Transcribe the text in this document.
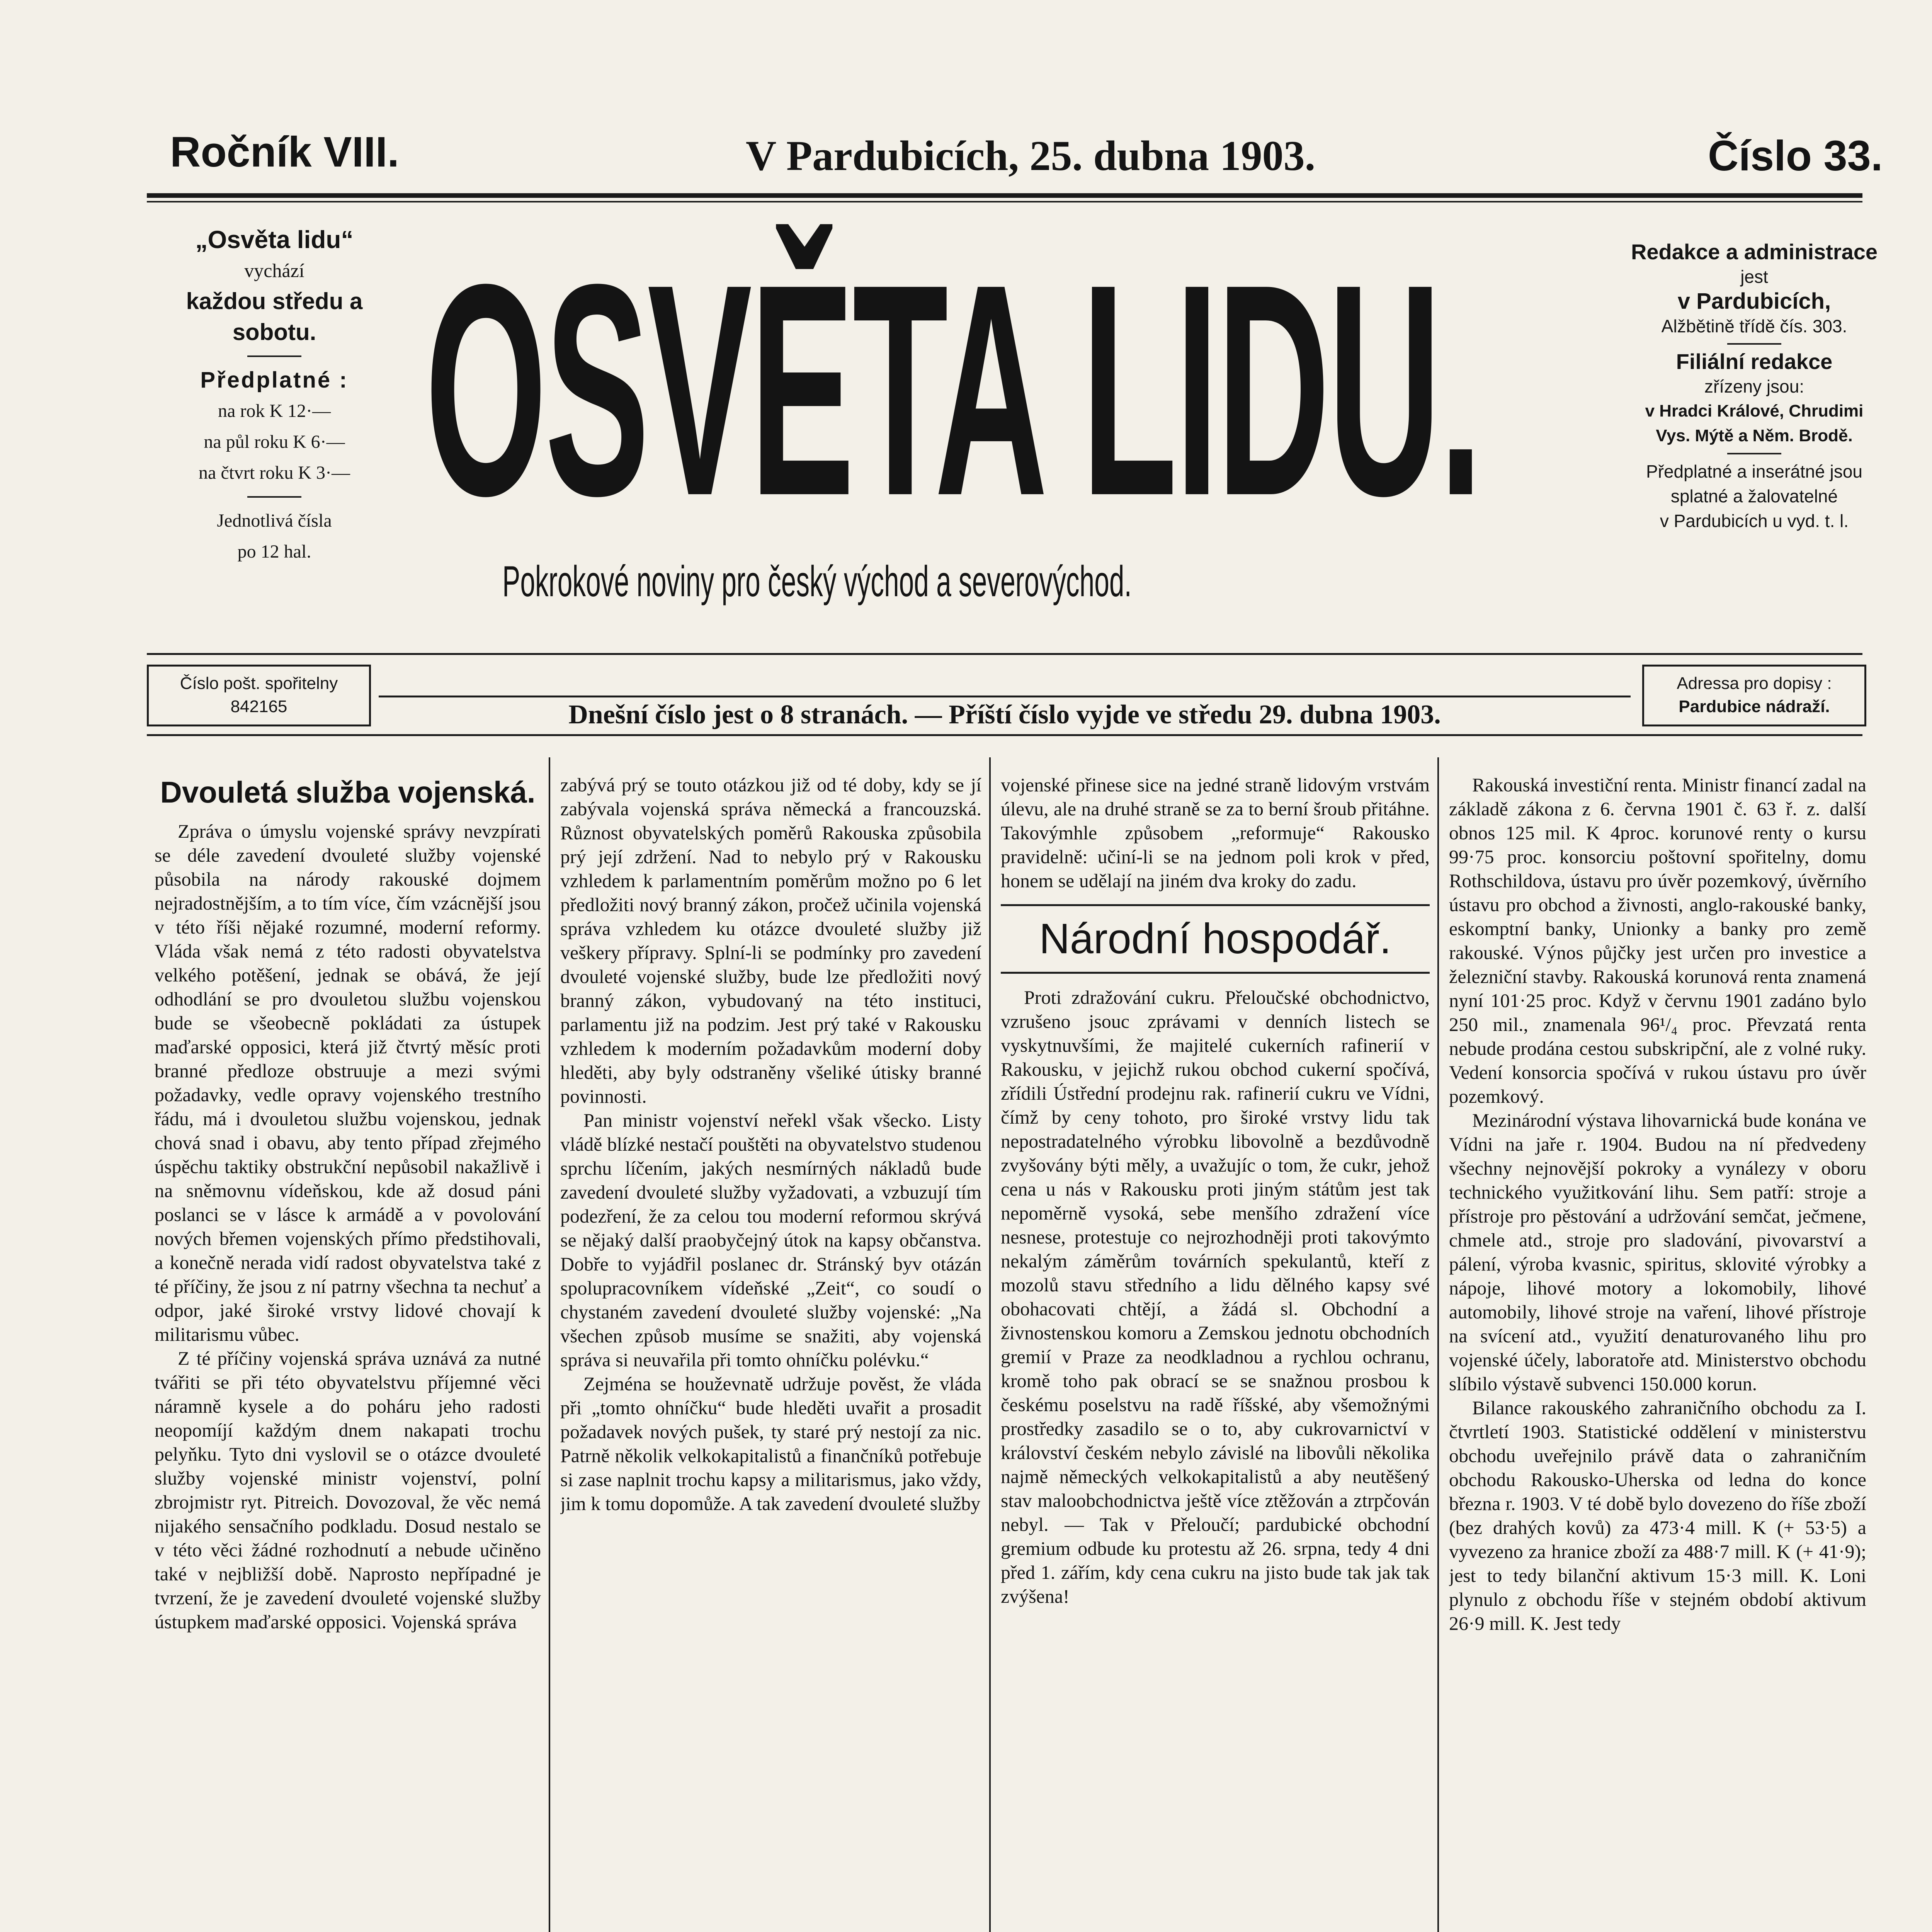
Ročník VIII.	V Pardubicích, 25. dubna 1903.	Číslo 33.
„Osvěta lidu“
vychází
každou středu a sobotu.
Předplatné :
na rok K 12·—
na půl roku K 6·—
na čtvrt roku K 3·—
Jednotlivá čísla
po 12 hal. OSVĚTA LIDU.
Pokrokové noviny pro český východ a severovýchod.
Redakce a administrace
jest
v Pardubicích,
Alžbětině třídě čís. 303.
Filiální redakce
zřízeny jsou:
v Hradci Králové, Chrudimi
Vys. Mýtě a Něm. Brodě.
Předplatné a inserátné jsou
splatné a žalovatelné
v Pardubicích u vyd. t. l.
Číslo pošt. spořitelny
842165	Dnešní číslo jest o 8 stranách. — Příští číslo vyjde ve středu 29. dubna 1903.
Adressa pro dopisy :
Pardubice nádraží.
Dvouletá služba vojenská.

Zpráva o úmyslu vojenské správy nevzpírati se déle zavedení dvouleté služby vojenské působila na národy rakouské dojmem nejradostnějším, a to tím více, čím vzácnější jsou v této říši nějaké rozumné, moderní reformy. Vláda však nemá z této radosti obyvatelstva velkého potěšení, jednak se obává, že její odhodlání se pro dvouletou službu vojenskou bude se všeobecně pokládati za ústupek maďarské opposici, která již čtvrtý měsíc proti branné předloze obstruuje a mezi svými požadavky, vedle opravy vojenského trestního řádu, má i dvouletou službu vojenskou, jednak chová snad i obavu, aby tento případ zřejmého úspěchu taktiky obstrukční nepůsobil nakažlivě i na sněmovnu vídeňskou, kde až dosud páni poslanci se v lásce k armádě a v povolování nových břemen vojenských přímo předstihovali, a konečně nerada vidí radost obyvatelstva také z té příčiny, že jsou z ní patrny všechna ta nechuť a odpor, jaké široké vrstvy lidové chovají k militarismu vůbec.

Z té příčiny vojenská správa uznává za nutné tvářiti se při této obyvatelstvu příjemné věci náramně kysele a do poháru jeho radosti neopomíjí každým dnem nakapati trochu pelyňku. Tyto dni vyslovil se o otázce dvouleté služby vojenské ministr vojenství, polní zbrojmistr ryt. Pitreich. Dovozoval, že věc nemá nijakého sensačního podkladu. Dosud nestalo se v této věci žádné rozhodnutí a nebude učiněno také v nejbližší době. Naprosto nepřípadné je tvrzení, že je zavedení dvouleté vojenské služby ústupkem maďarské opposici. Vojenská správa

zabývá prý se touto otázkou již od té doby, kdy se jí zabývala vojenská správa německá a francouzská. Různost obyvatelských poměrů Rakouska způsobila prý její zdržení. Nad to nebylo prý v Rakousku vzhledem k parlamentním poměrům možno po 6 let předložiti nový branný zákon, pročež učinila vojenská správa vzhledem ku otázce dvouleté služby již veškery přípravy. Splní-li se podmínky pro zavedení dvouleté vojenské služby, bude lze předložiti nový branný zákon, vybudovaný na této instituci, parlamentu již na podzim. Jest prý také v Rakousku vzhledem k moderním požadavkům moderní doby hleděti, aby byly odstraněny všeliké útisky branné povinnosti.

Pan ministr vojenství neřekl však všecko. Listy vládě blízké nestačí pouštěti na obyvatelstvo studenou sprchu líčením, jakých nesmírných nákladů bude zavedení dvouleté služby vyžadovati, a vzbuzují tím podezření, že za celou tou moderní reformou skrývá se nějaký další praobyčejný útok na kapsy občanstva. Dobře to vyjádřil poslanec dr. Stránský byv otázán spolupracovníkem vídeňské „Zeit“, co soudí o chystaném zavedení dvouleté služby vojenské: „Na všechen způsob musíme se snažiti, aby vojenská správa si neuvařila při tomto ohníčku polévku.“

Zejména se houževnatě udržuje pověst, že vláda při „tomto ohníčku“ bude hleděti uvařit a prosadit požadavek nových pušek, ty staré prý nestojí za nic. Patrně několik velkokapitalistů a finančníků potřebuje si zase naplnit trochu kapsy a militarismus, jako vždy, jim k tomu dopomůže. A tak zavedení dvouleté služby

vojenské přinese sice na jedné straně lidovým vrstvám úlevu, ale na druhé straně se za to berní šroub přitáhne. Takovýmhle způsobem „reformuje“ Rakousko pravidelně: učiní-li se na jednom poli krok v před, honem se udělají na jiném dva kroky do zadu.

Národní hospodář.

Proti zdražování cukru. Přeloučské obchodnictvo, vzrušeno jsouc zprávami v denních listech se vyskytnuvšími, že majitelé cukerních rafinerií v Rakousku, v jejichž rukou obchod cukerní spočívá, zřídili Ústřední prodejnu rak. rafinerií cukru ve Vídni, čímž by ceny tohoto, pro široké vrstvy lidu tak nepostradatelného výrobku libovolně a bezdůvodně zvyšovány býti měly, a uvažujíc o tom, že cukr, jehož cena u nás v Rakousku proti jiným státům jest tak nepoměrně vysoká, sebe menšího zdražení více nesnese, protestuje co nejrozhodněji proti takovýmto nekalým záměrům továrních spekulantů, kteří z mozolů stavu středního a lidu dělného kapsy své obohacovati chtějí, a žádá sl. Obchodní a živnostenskou komoru a Zemskou jednotu obchodních gremií v Praze za neodkladnou a rychlou ochranu, kromě toho pak obrací se se snažnou prosbou k českému poselstvu na radě říšské, aby všemožnými prostředky zasadilo se o to, aby cukrovarnictví v království českém nebylo závislé na libovůli několika najmě německých velkokapitalistů a aby neutěšený stav maloobchodnictva ještě více ztěžován a ztrpčován nebyl. — Tak v Přeloučí; pardubické obchodní gremium odbude ku protestu až 26. srpna, tedy 4 dni před 1. zářím, kdy cena cukru na jisto bude tak jak tak zvýšena!

Rakouská investiční renta. Ministr financí zadal na základě zákona z 6. června 1901 č. 63 ř. z. další obnos 125 mil. K 4proc. korunové renty o kursu 99·75 proc. konsorciu poštovní spořitelny, domu Rothschildova, ústavu pro úvěr pozemkový, úvěrního ústavu pro obchod a živnosti, anglo-rakouské banky, eskomptní banky, Unionky a banky pro země rakouské. Výnos půjčky jest určen pro investice a železniční stavby. Rakouská korunová renta znamená nyní 101·25 proc. Když v červnu 1901 zadáno bylo 250 mil., znamenala 96¹/₄ proc. Převzatá renta nebude prodána cestou subskripční, ale z volné ruky. Vedení konsorcia spočívá v rukou ústavu pro úvěr pozemkový.

Mezinárodní výstava lihovarnická bude konána ve Vídni na jaře r. 1904. Budou na ní předvedeny všechny nejnovější pokroky a vynálezy v oboru technického využitkování lihu. Sem patří: stroje a přístroje pro pěstování a udržování semčat, ječmene, chmele atd., stroje pro sladování, pivovarství a pálení, výroba kvasnic, spiritus, sklovité výrobky a nápoje, lihové motory a lokomobily, lihové automobily, lihové stroje na vaření, lihové přístroje na svícení atd., využití denaturovaného lihu pro vojenské účely, laboratoře atd. Ministerstvo obchodu slíbilo výstavě subvenci 150.000 korun.

Bilance rakouského zahraničního obchodu za I. čtvrtletí 1903. Statistické oddělení v ministerstvu obchodu uveřejnilo právě data o zahraničním obchodu Rakousko-Uherska od ledna do konce března r. 1903. V té době bylo dovezeno do říše zboží (bez drahých kovů) za 473·4 mill. K (+ 53·5) a vyvezeno za hranice zboží za 488·7 mill. K (+ 41·9); jest to tedy bilanční aktivum 15·3 mill. K. Loni plynulo z obchodu říše v stejném období aktivum 26·9 mill. K. Jest tedy
